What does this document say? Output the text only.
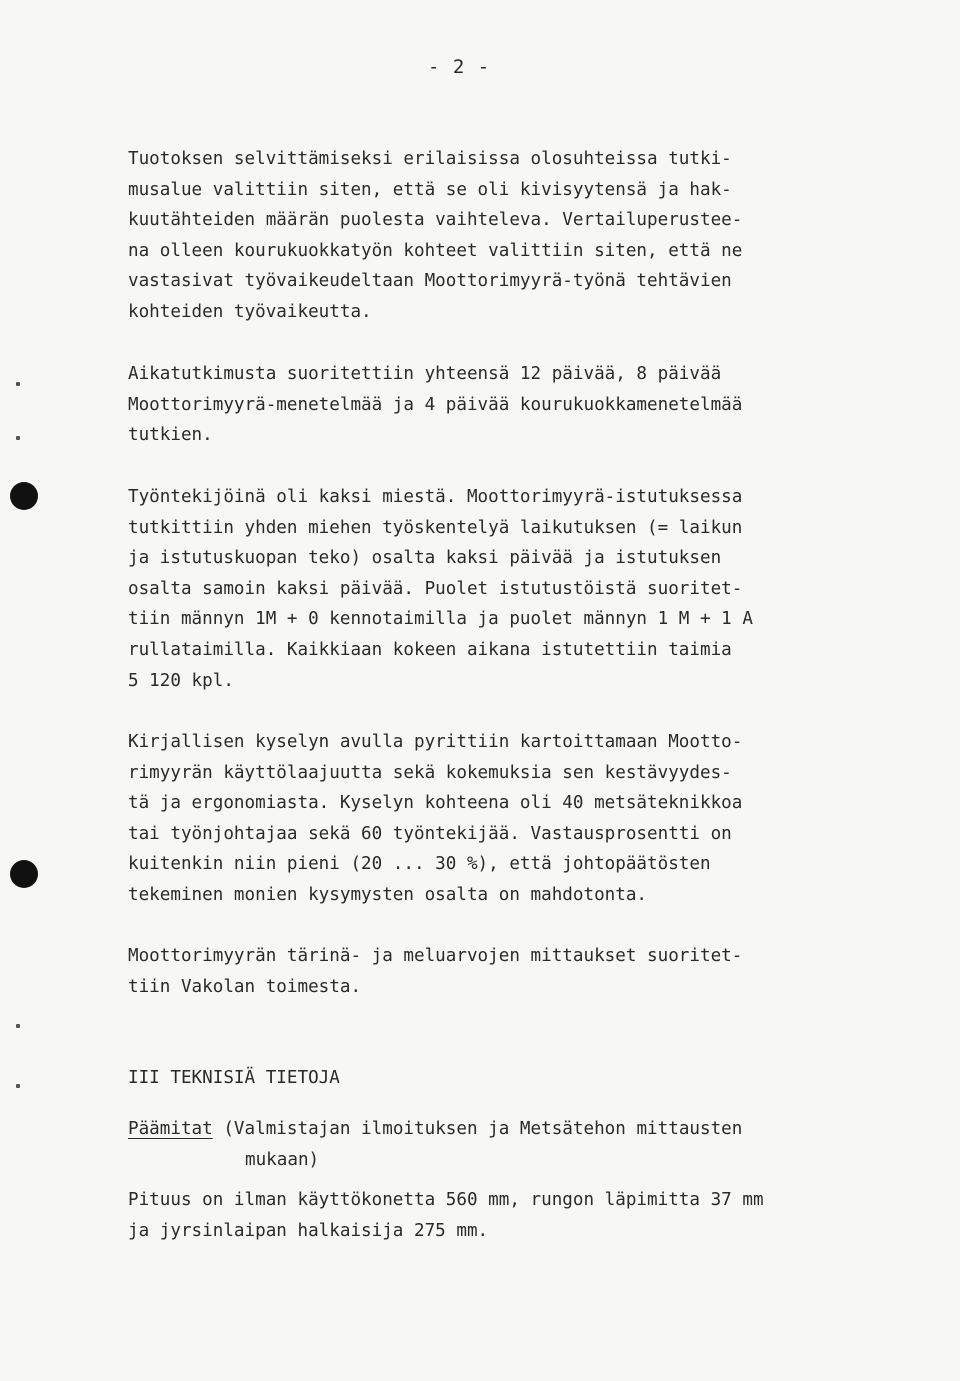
- 2 -
Tuotoksen selvittämiseksi erilaisissa olosuhteissa tutki-
musalue valittiin siten, että se oli kivisyytensä ja hak-
kuutähteiden määrän puolesta vaihteleva. Vertailuperustee-
na olleen kourukuokkatyön kohteet valittiin siten, että ne
vastasivat työvaikeudeltaan Moottorimyyrä-työnä tehtävien
kohteiden työvaikeutta.
Aikatutkimusta suoritettiin yhteensä 12 päivää, 8 päivää
Moottorimyyrä-menetelmää ja 4 päivää kourukuokkamenetelmää
tutkien.
Työntekijöinä oli kaksi miestä. Moottorimyyrä-istutuksessa
tutkittiin yhden miehen työskentelyä laikutuksen (= laikun
ja istutuskuopan teko) osalta kaksi päivää ja istutuksen
osalta samoin kaksi päivää. Puolet istutustöistä suoritet-
tiin männyn 1M + 0 kennotaimilla ja puolet männyn 1 M + 1 A
rullataimilla. Kaikkiaan kokeen aikana istutettiin taimia
5 120 kpl.
Kirjallisen kyselyn avulla pyrittiin kartoittamaan Mootto-
rimyyrän käyttölaajuutta sekä kokemuksia sen kestävyydes-
tä ja ergonomiasta. Kyselyn kohteena oli 40 metsäteknikkoa
tai työnjohtajaa sekä 60 työntekijää. Vastausprosentti on
kuitenkin niin pieni (20 ... 30 %), että johtopäätösten
tekeminen monien kysymysten osalta on mahdotonta.
Moottorimyyrän tärinä- ja meluarvojen mittaukset suoritet-
tiin Vakolan toimesta.
III TEKNISIÄ TIETOJA
Päämitat (Valmistajan ilmoituksen ja Metsätehon mittausten
mukaan)
Pituus on ilman käyttökonetta 560 mm, rungon läpimitta 37 mm
ja jyrsinlaipan halkaisija 275 mm.
